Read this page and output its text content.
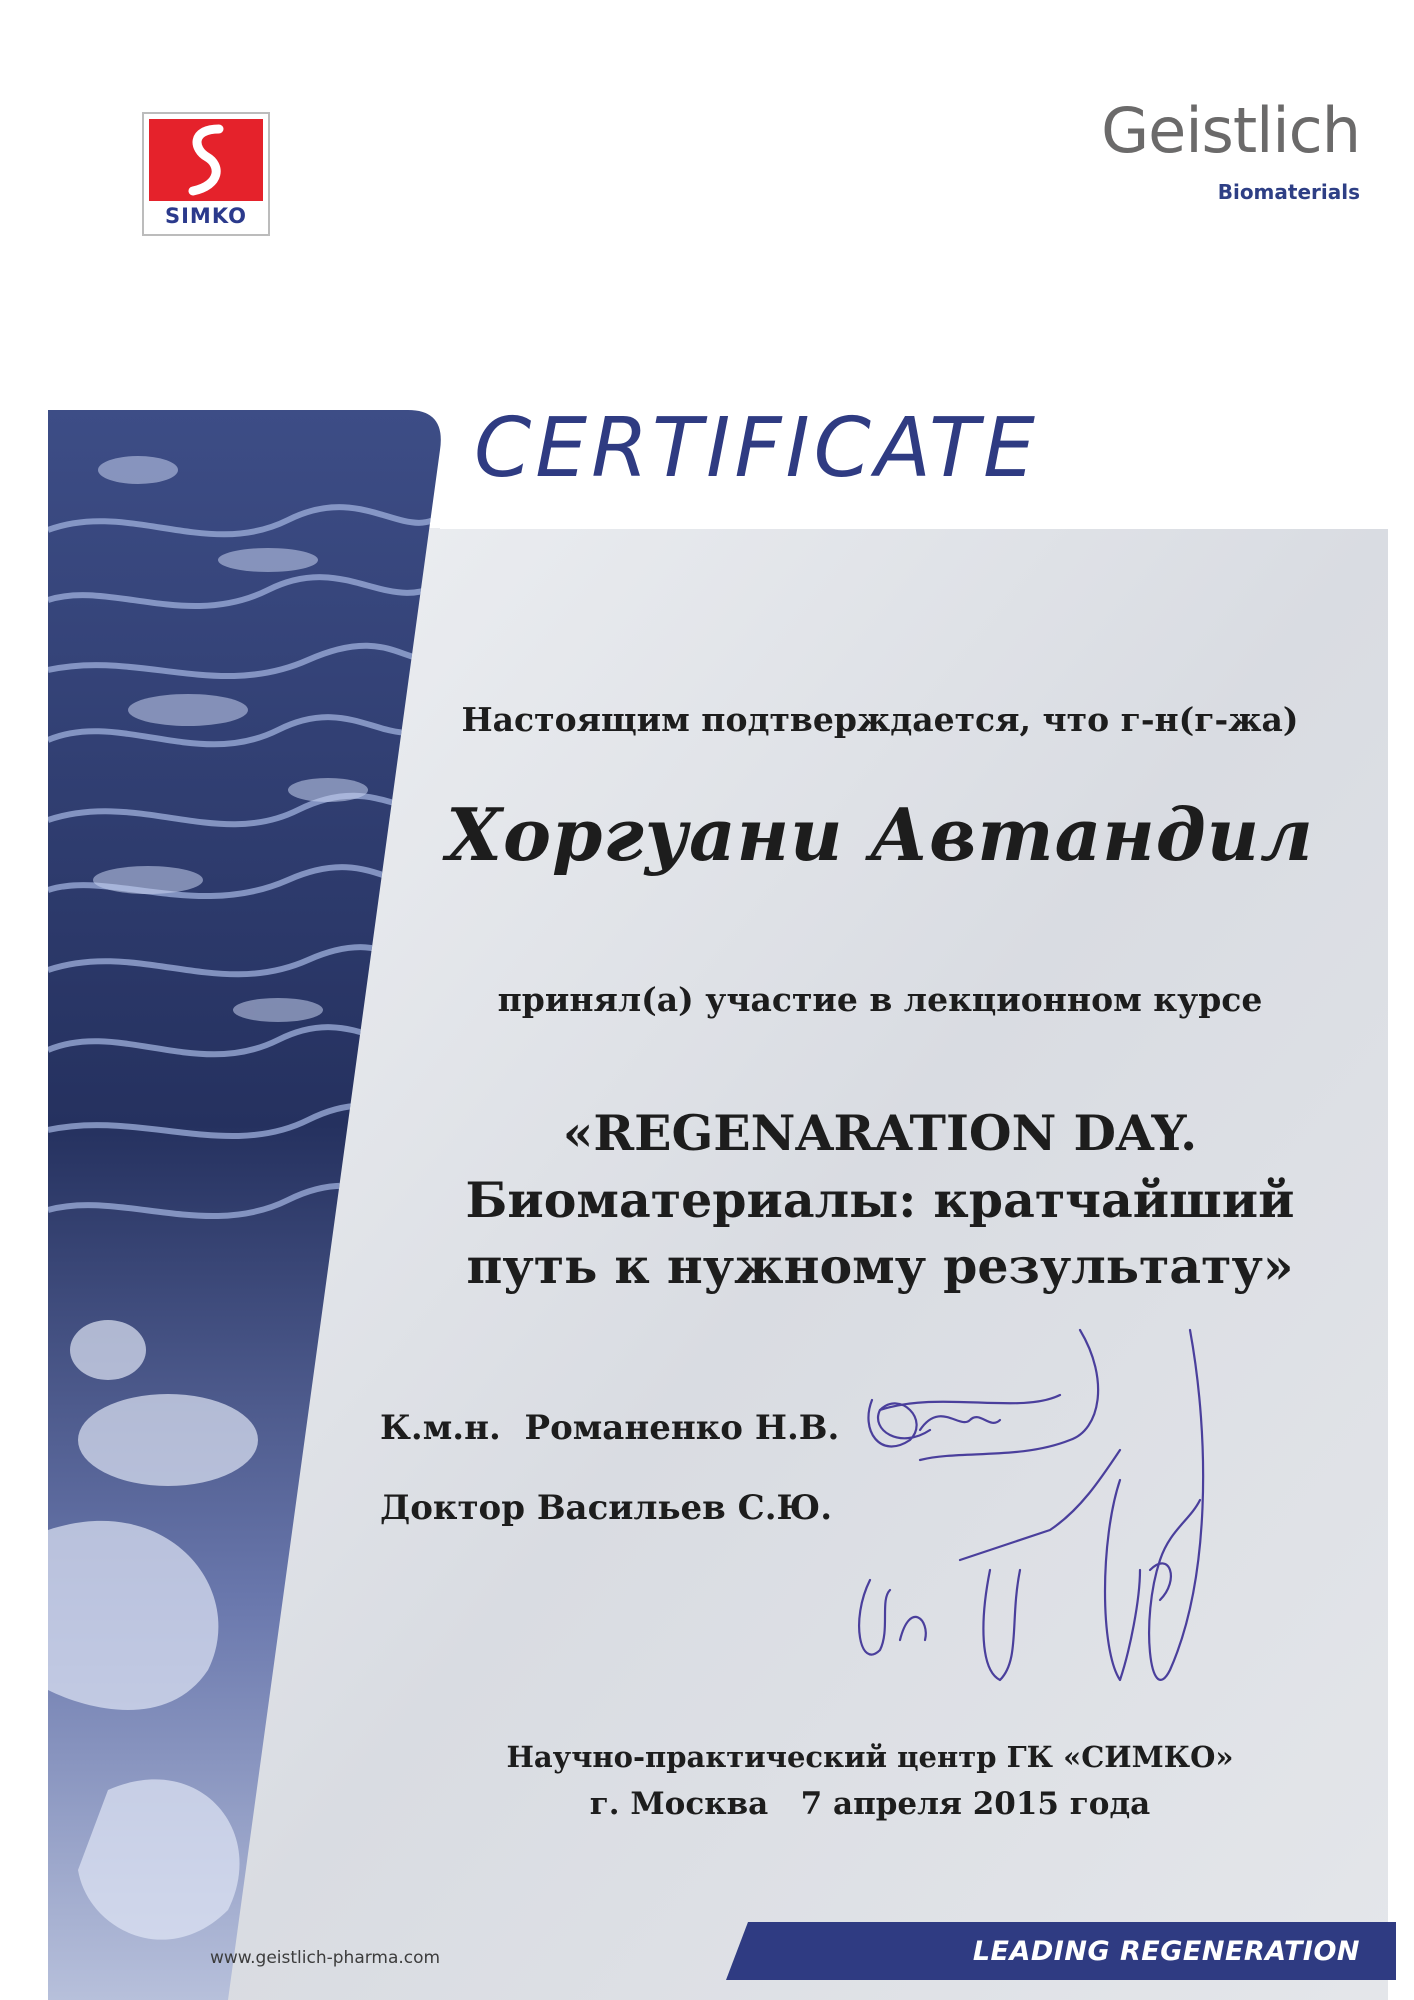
SIMKO
Geistlich
Biomaterials
CERTIFICATE
Настоящим подтверждается, что г-н(г-жа)
Хоргуани Автандил
принял(а) участие в лекционном курсе
«REGENARATION DAY. Биоматериалы: кратчайший путь к нужному результату»
К.м.н.  Романенко Н.В.
Доктор Васильев С.Ю.
Научно-практический центр ГК «СИМКО»
г. Москва   7 апреля 2015 года
www.geistlich-pharma.com	LEADING REGENERATION
